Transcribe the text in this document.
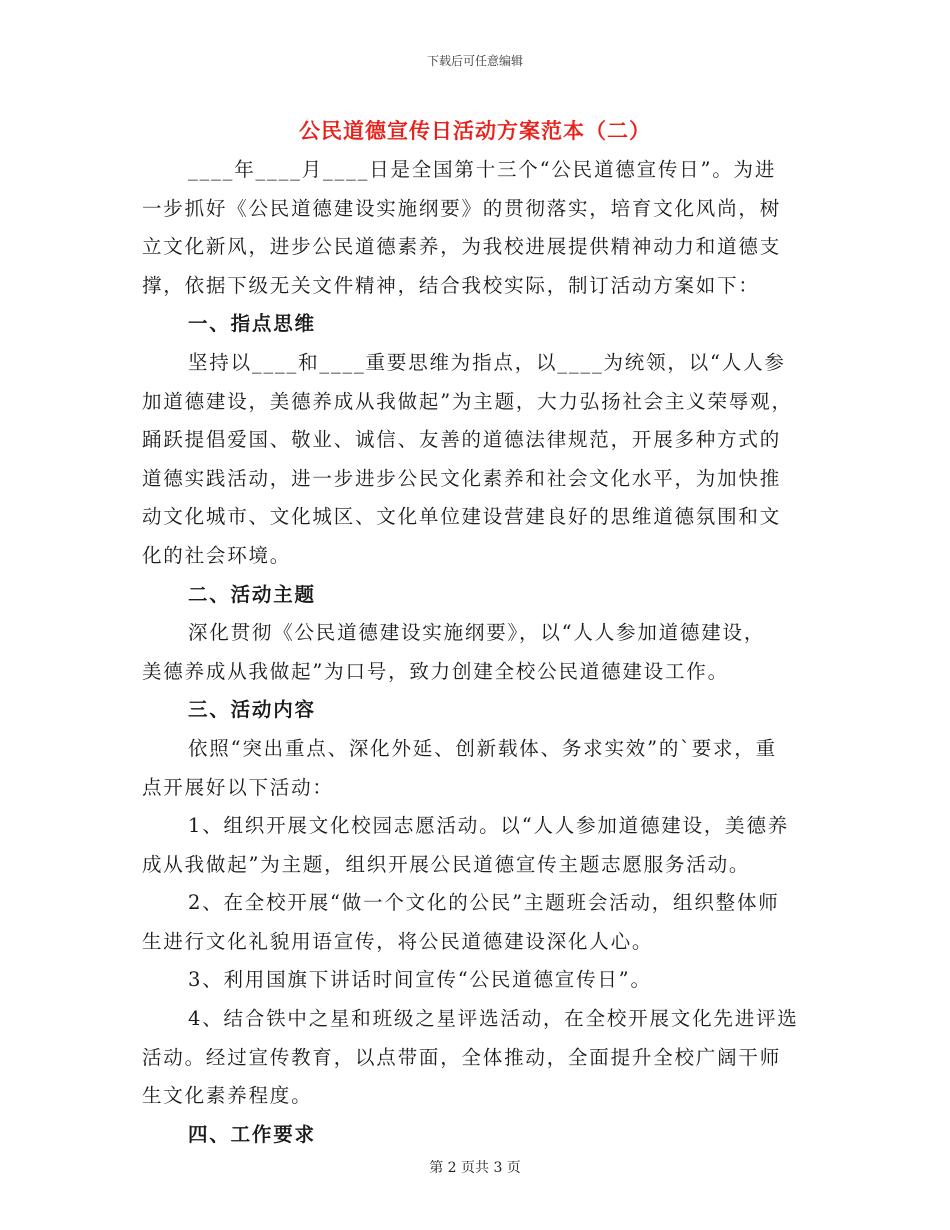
下载后可任意编辑
公民道德宣传日活动方案范本（二）

____年____月____日是全国第十三个“公民道德宣传日”。为进
一步抓好《公民道德建设实施纲要》的贯彻落实，培育文化风尚，树
立文化新风，进步公民道德素养，为我校进展提供精神动力和道德支
撑，依据下级无关文件精神，结合我校实际，制订活动方案如下：

一、指点思维

坚持以____和____重要思维为指点，以____为统领，以“人人参
加道德建设，美德养成从我做起”为主题，大力弘扬社会主义荣辱观，
踊跃提倡爱国、敬业、诚信、友善的道德法律规范，开展多种方式的
道德实践活动，进一步进步公民文化素养和社会文化水平，为加快推
动文化城市、文化城区、文化单位建设营建良好的思维道德氛围和文
化的社会环境。

二、活动主题

深化贯彻《公民道德建设实施纲要》，以“人人参加道德建设，
美德养成从我做起”为口号，致力创建全校公民道德建设工作。

三、活动内容

依照“突出重点、深化外延、创新载体、务求实效”的`要求，重
点开展好以下活动：

1、组织开展文化校园志愿活动。以“人人参加道德建设，美德养
成从我做起”为主题，组织开展公民道德宣传主题志愿服务活动。

2、在全校开展“做一个文化的公民”主题班会活动，组织整体师
生进行文化礼貌用语宣传，将公民道德建设深化人心。

3、利用国旗下讲话时间宣传“公民道德宣传日”。

4、结合铁中之星和班级之星评选活动，在全校开展文化先进评选
活动。经过宣传教育，以点带面，全体推动，全面提升全校广阔干师
生文化素养程度。

四、工作要求

第 2 页共 3 页
